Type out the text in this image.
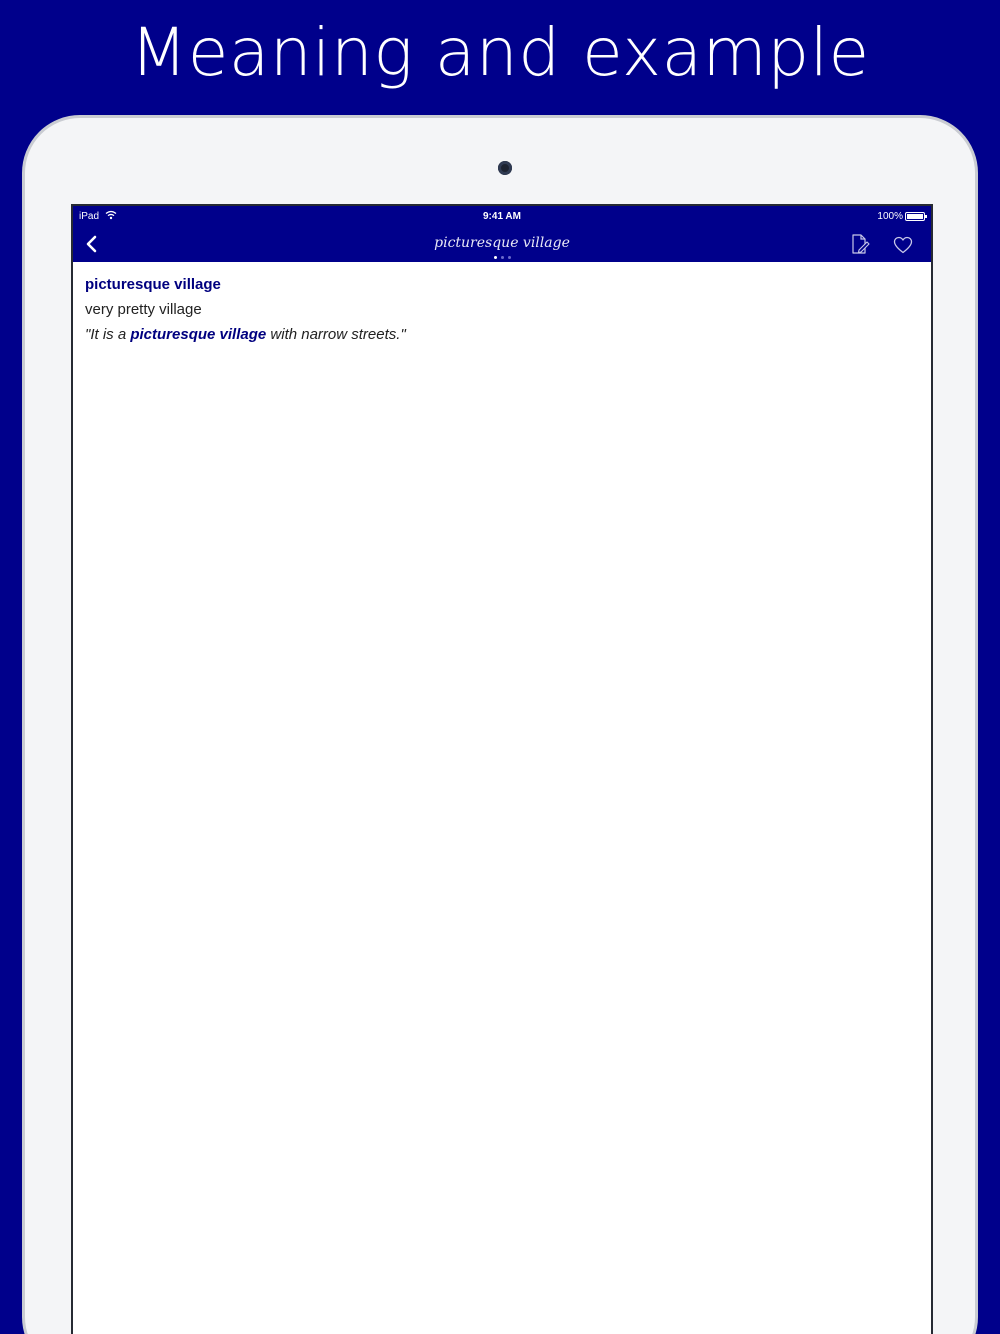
Meaning and example
iPad	9:41 AM	100%
picturesque village
picturesque village
very pretty village
"It is a picturesque village with narrow streets."
